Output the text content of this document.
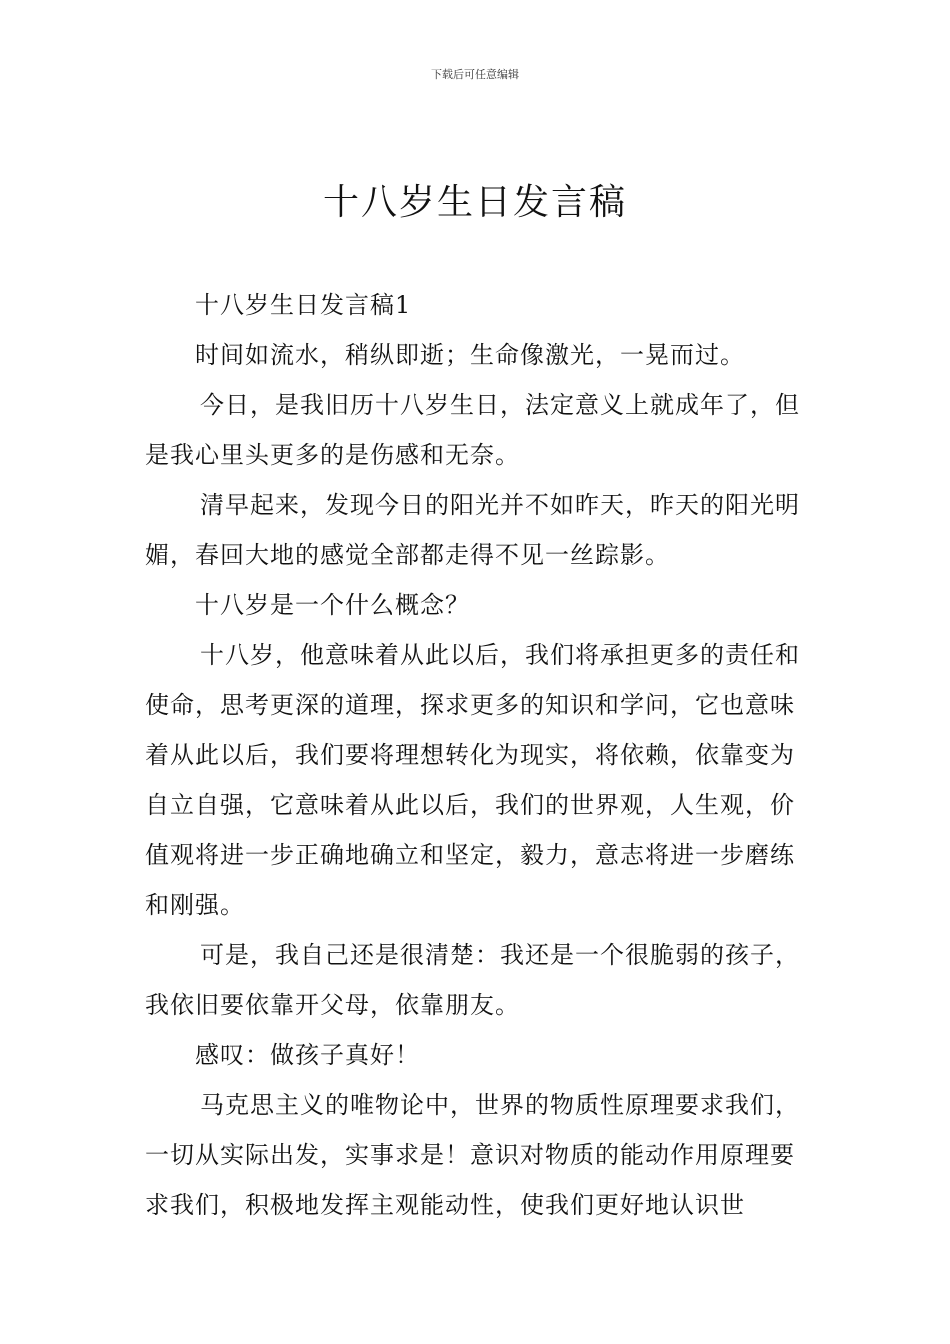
下载后可任意编辑
十八岁生日发言稿

十八岁生日发言稿1

时间如流水，稍纵即逝；生命像激光，一晃而过。

今日，是我旧历十八岁生日，法定意义上就成年了，但是我心里头更多的是伤感和无奈。

清早起来，发现今日的阳光并不如昨天，昨天的阳光明媚，春回大地的感觉全部都走得不见一丝踪影。

十八岁是一个什么概念？

十八岁，他意味着从此以后，我们将承担更多的责任和使命，思考更深的道理，探求更多的知识和学问，它也意味着从此以后，我们要将理想转化为现实，将依赖，依靠变为自立自强，它意味着从此以后，我们的世界观，人生观，价值观将进一步正确地确立和坚定，毅力，意志将进一步磨练和刚强。

可是，我自己还是很清楚：我还是一个很脆弱的孩子，我依旧要依靠开父母，依靠朋友。

感叹：做孩子真好！

马克思主义的唯物论中，世界的物质性原理要求我们，一切从实际出发，实事求是！意识对物质的能动作用原理要求我们，积极地发挥主观能动性，使我们更好地认识世
